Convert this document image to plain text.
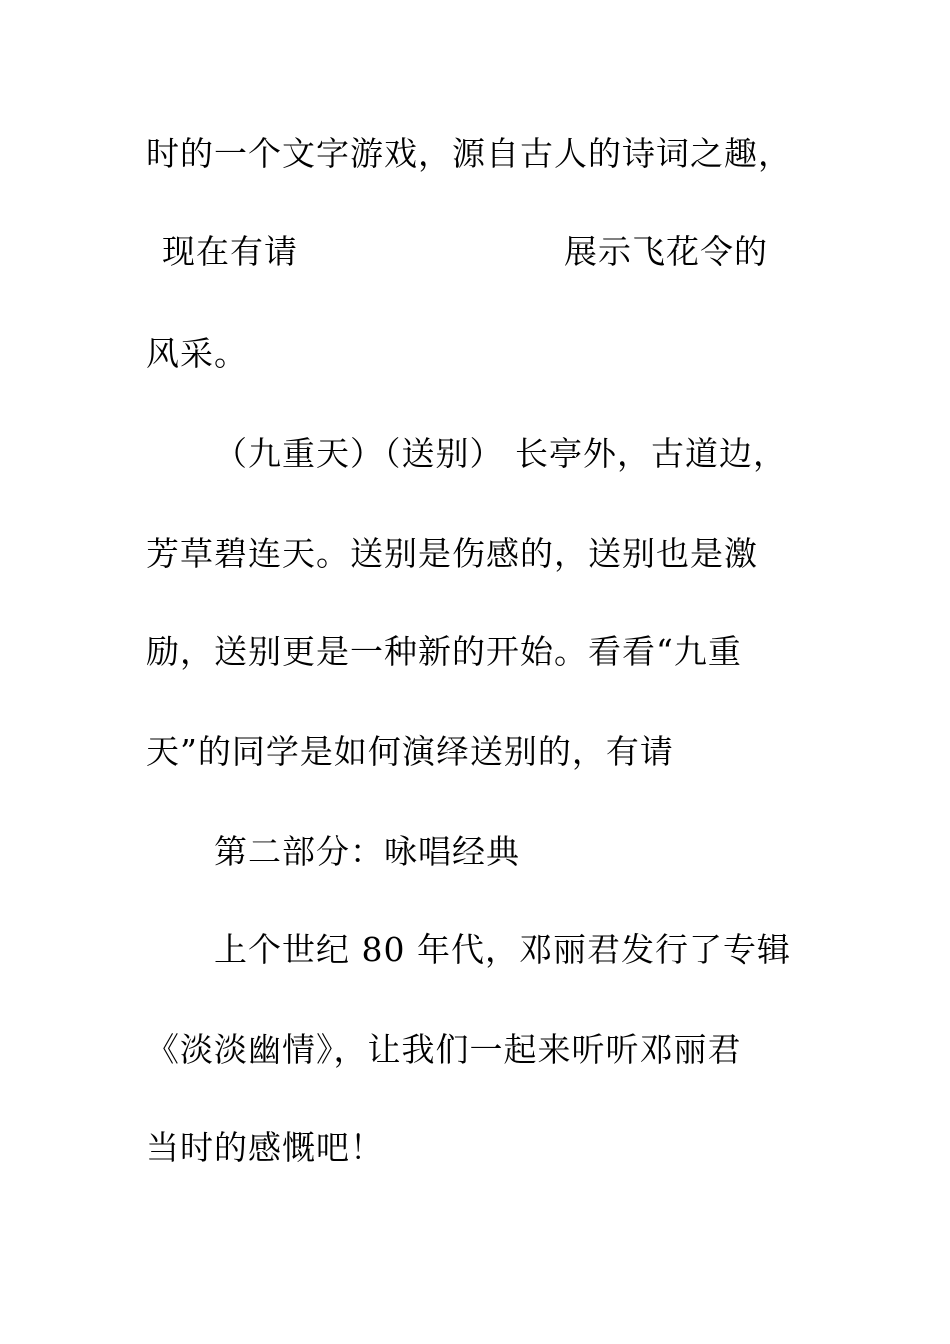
时的一个文字游戏，源自古人的诗词之趣，
现在有请	展示飞花令的
风采。
（九重天）（送别） 长亭外，古道边，
芳草碧连天。送别是伤感的，送别也是激
励，送别更是一种新的开始。看看“九重
天”的同学是如何演绎送别的，有请
第二部分：咏唱经典
上个世纪 80 年代，邓丽君发行了专辑
《淡淡幽情》，让我们一起来听听邓丽君
当时的感慨吧！
